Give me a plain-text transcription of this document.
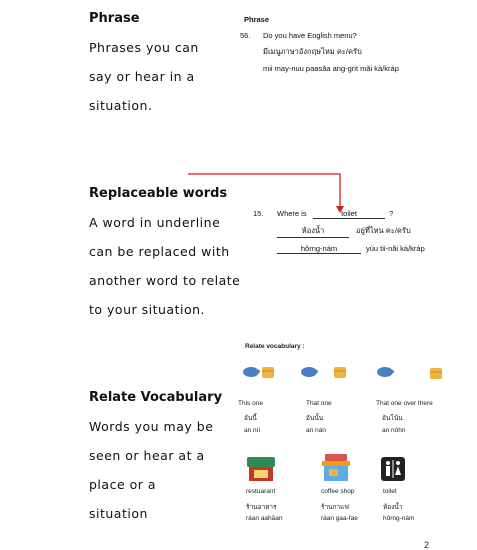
Phrase
Phrases you can
say or hear in a
situation.
Phrase
56. Do you have English menu?
มีเมนูภาษาอังกฤษไหม คะ/ครับ
mii may-nuu paasăa ang-grit măi kà/kráp
Replaceable words
A word in underline
can be replaced with
another word to relate
to your situation.
15. Where is	toilet	?
ห้องน้ำ	อยู่ที่ไหน คะ/ครับ
hôrng-nám	yùu tii-năi kà/kráp
Relate Vocabulary
Words you may be
seen or hear at a
place or a
situation
Relate vocabulary :
This one
อันนี้
an níi
That one
อันนั้น
an nán
That one over there
อันโน้น
an nóhn
restuarant
ร้านอาหาร
ráan aahăan
coffee shop
ร้านกาแฟ
ráan gaa-fae
toilet
ห้องน้ำ
hôrng-nám
2
